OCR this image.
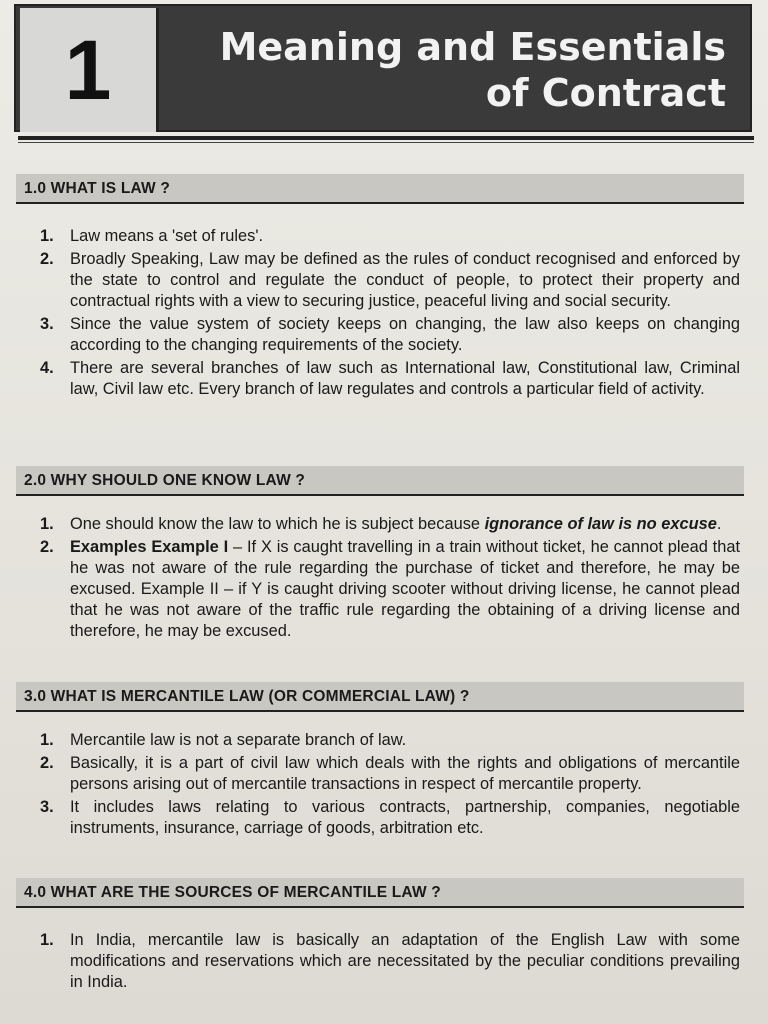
1	Meaning and Essentials
of Contract
1.0 WHAT IS LAW ?
1. Law means a 'set of rules'.
2. Broadly Speaking, Law may be defined as the rules of conduct recognised and enforced by the state to control and regulate the conduct of people, to protect their property and contractual rights with a view to securing justice, peaceful living and social security.
3. Since the value system of society keeps on changing, the law also keeps on changing according to the changing requirements of the society.
4. There are several branches of law such as International law, Constitutional law, Criminal law, Civil law etc. Every branch of law regulates and controls a particular field of activity.
2.0 WHY SHOULD ONE KNOW LAW ?
1. One should know the law to which he is subject because ignorance of law is no excuse.
2. Examples Example I – If X is caught travelling in a train without ticket, he cannot plead that he was not aware of the rule regarding the purchase of ticket and therefore, he may be excused. Example II – if Y is caught driving scooter without driving license, he cannot plead that he was not aware of the traffic rule regarding the obtaining of a driving license and therefore, he may be excused.
3.0 WHAT IS MERCANTILE LAW (OR COMMERCIAL LAW) ?
1. Mercantile law is not a separate branch of law.
2. Basically, it is a part of civil law which deals with the rights and obligations of mercantile persons arising out of mercantile transactions in respect of mercantile property.
3. It includes laws relating to various contracts, partnership, companies, negotiable instruments, insurance, carriage of goods, arbitration etc.
4.0 WHAT ARE THE SOURCES OF MERCANTILE LAW ?
1. In India, mercantile law is basically an adaptation of the English Law with some modifications and reservations which are necessitated by the peculiar conditions prevailing in India.
